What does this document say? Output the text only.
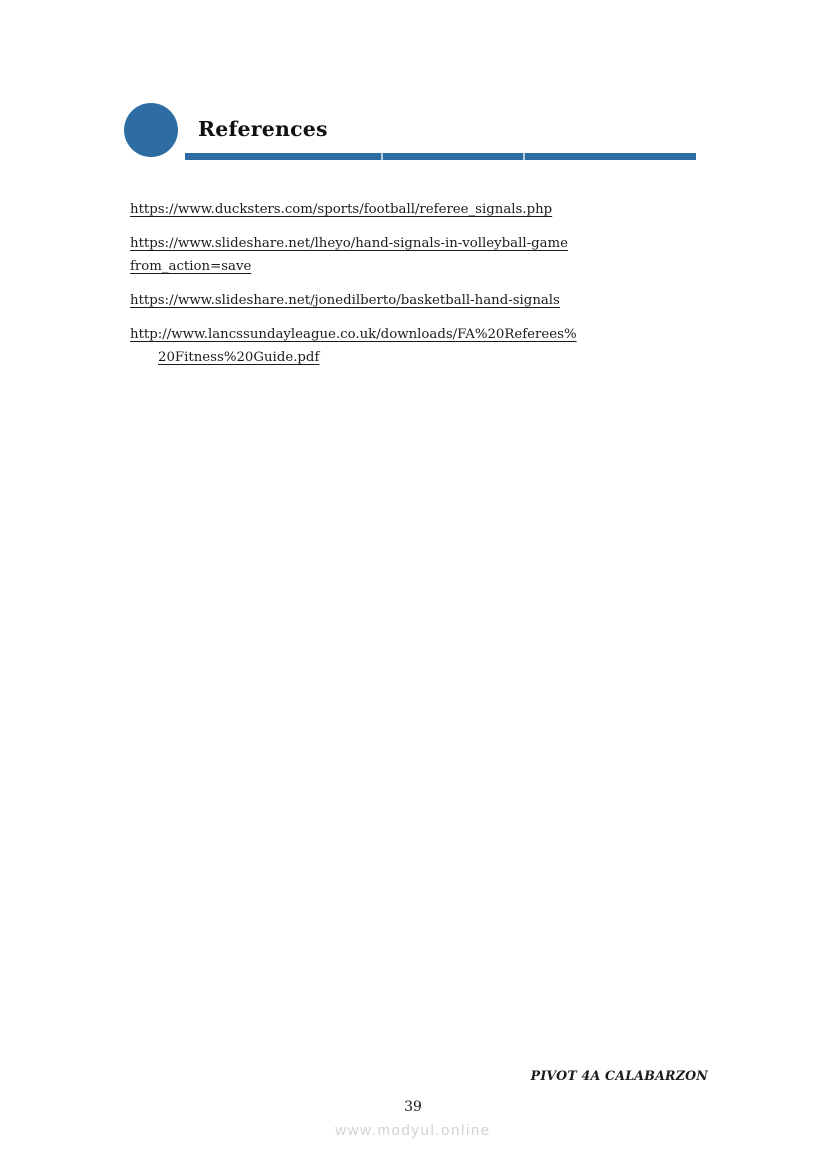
References
https://www.ducksters.com/sports/football/referee_signals.php
https://www.slideshare.net/lheyo/hand-signals-in-volleyball-game
from_action=save
https://www.slideshare.net/jonedilberto/basketball-hand-signals
http://www.lancssundayleague.co.uk/downloads/FA%20Referees%
20Fitness%20Guide.pdf
PIVOT 4A CALABARZON
39
www.modyul.online
